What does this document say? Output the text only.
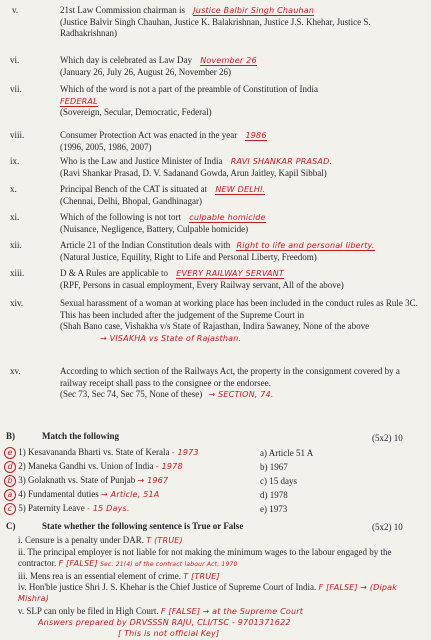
v.	21st Law Commission chairman is Justice Balbir Singh Chauhan
(Justice Balvir Singh Chauhan, Justice K. Balakrishnan, Justice J.S. Khehar, Justice S. Radhakrishnan)
vi.	Which day is celebrated as Law Day November 26
(January 26, July 26, August 26, November 26)
vii.	Which of the word is not a part of the preamble of Constitution of India
FEDERAL
(Sovereign, Secular, Democratic, Federal)
viii.	Consumer Protection Act was enacted in the year 1986
(1996, 2005, 1986, 2007)
ix.	Who is the Law and Justice Minister of India RAVI SHANKAR PRASAD.
(Ravi Shankar Prasad, D. V. Sadanand Gowda, Arun Jaitley, Kapil Sibbal)
x.	Principal Bench of the CAT is situated at NEW DELHI.
(Chennai, Delhi, Bhopal, Gandhinagar)
xi.	Which of the following is not tort culpable homicide
(Nuisance, Negligence, Battery, Culpable homicide)
xii.	Article 21 of the Indian Constitution deals with Right to life and personal liberty.
(Natural Justice, Equility, Right to Life and Personal Liberty, Freedom)
xiii.	D & A Rules are applicable to EVERY RAILWAY SERVANT
(RPF, Persons in casual employment, Every Railway servant, All of the above)
xiv.	Sexual harassment of a woman at working place has been included in the conduct rules as Rule 3C. This has been included after the judgement of the Supreme Court in
(Shah Bano case, Vishakha v/s State of Rajasthan, Indira Sawaney, None of the above
→ VISAKHA vs State of Rajasthan.
xv.	According to which section of the Railways Act, the property in the consignment covered by a railway receipt shall pass to the consignee or the endorsee.
(Sec 73, Sec 74, Sec 75, None of these) → SECTION, 74.
B)	Match the following	(5x2) 10
e 1) Kesavananda Bharti vs. State of Kerala - 1973
d 2) Maneka Gandhi vs. Union of India - 1978
b 3) Golaknath vs. State of Punjab → 1967
a 4) Fundamental duties → Article, 51A
c 5) Paternity Leave - 15 Days.
a) Article 51 A
b) 1967
c) 15 days
d) 1978
e) 1973
C)	State whether the following sentence is True or False	(5x2) 10
i. Censure is a penalty under DAR. T (TRUE)
ii. The principal employer is not liable for not making the minimum wages to the labour engaged by the contractor. F [FALSE] Sec. 21(4) of the contract labour Act, 1970
iii. Mens rea is an essential element of crime. T [TRUE]
iv. Hon'ble justice Shri J. S. Khehar is the Chief Justice of Supreme Court of India. F [FALSE] → (Dipak Mishra)
v. SLP can only be filed in High Court. F [FALSE] → at the Supreme Court
Answers prepared by DRVSSSN RAJU, CLI/TSC - 9701371622
[ This is not official Key]
